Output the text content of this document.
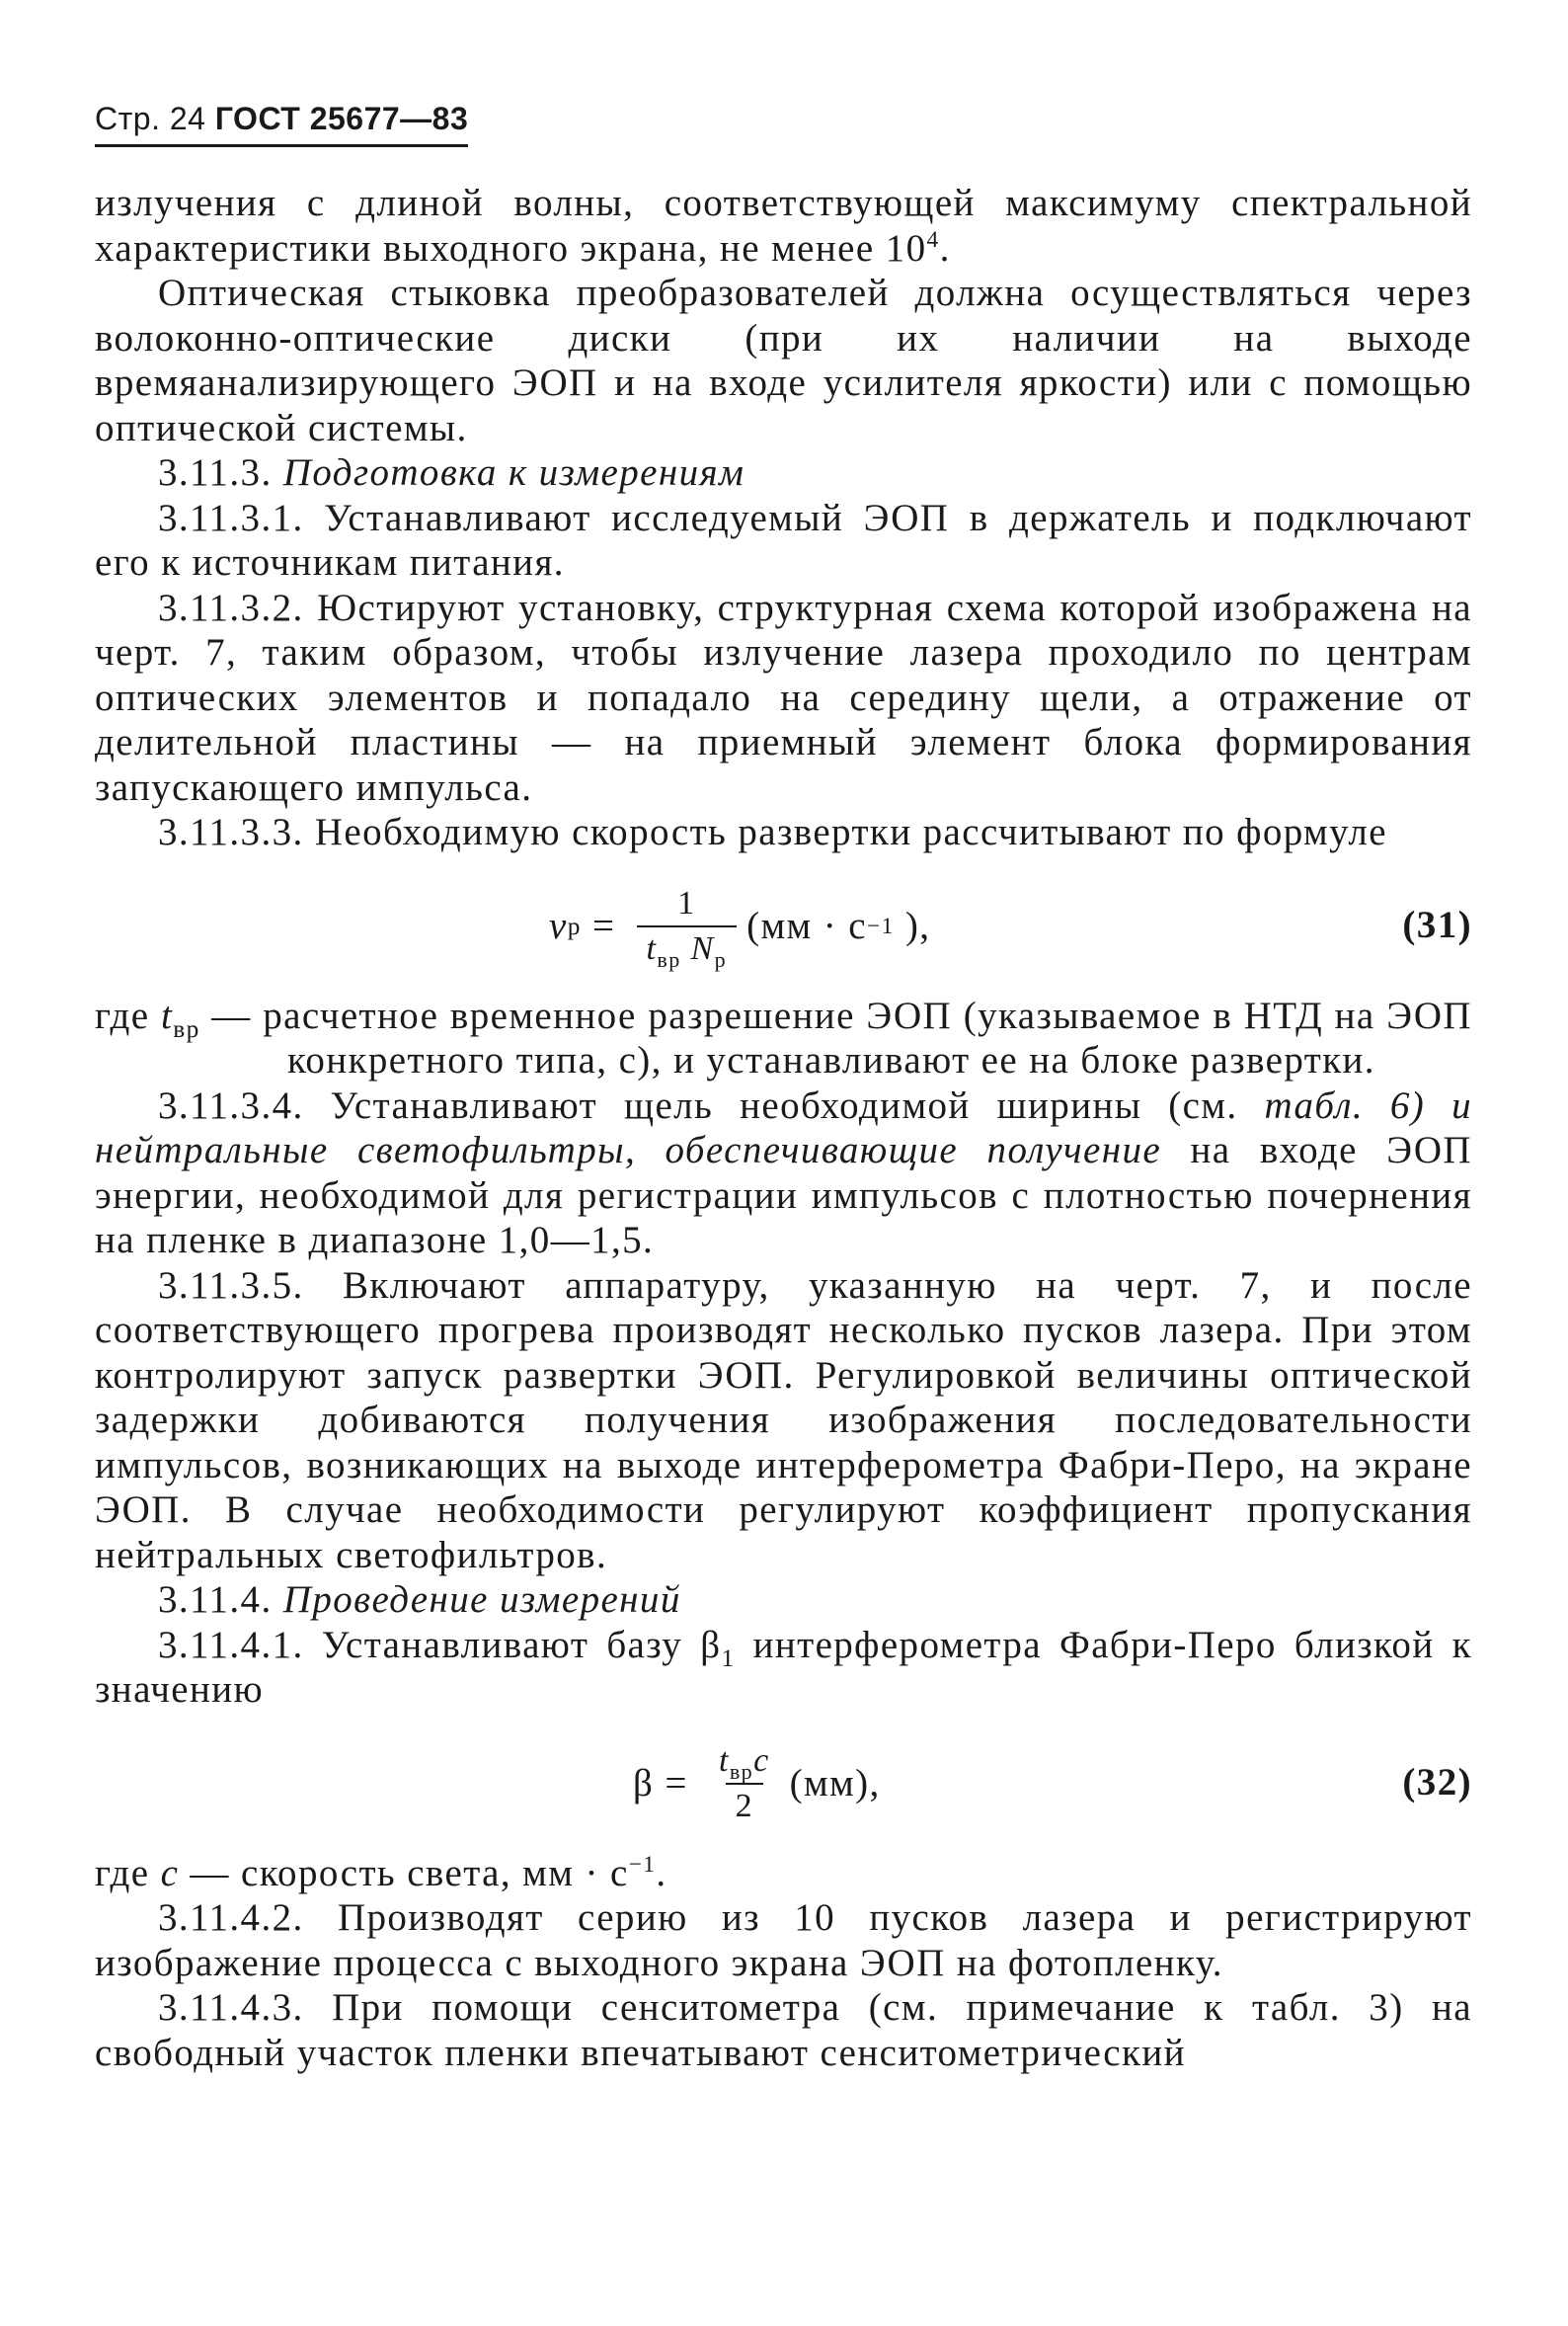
Стр. 24 ГОСТ 25677—83

излучения с длиной волны, соответствующей максимуму спектральной характеристики выходного экрана, не менее $10^4$.

Оптическая стыковка преобразователей должна осуществляться через волоконно-оптические диски (при их наличии на выходе времяанализирующего ЭОП и на входе усилителя яркости) или с помощью оптической системы.

3.11.3. Подготовка к измерениям

3.11.3.1. Устанавливают исследуемый ЭОП в держатель и подключают его к источникам питания.

3.11.3.2. Юстируют установку, структурная схема которой изображена на черт. 7, таким образом, чтобы излучение лазера проходило по центрам оптических элементов и попадало на середину щели, а отражение от делительной пластины — на приемный элемент блока формирования запускающего импульса.

3.11.3.3. Необходимую скорость развертки рассчитывают по формуле

v $р = \frac{1}{t_{вр} N_р} (мм \cdot с -1$ ),	(31)

где $t_{вр}$ — расчетное временное разрешение ЭОП (указываемое в НТД на ЭОП конкретного типа, с), и устанавливают ее на блоке развертки.

3.11.3.4. Устанавливают щель необходимой ширины (см. табл. 6) и нейтральные светофильтры, обеспечивающие получение на входе ЭОП энергии, необходимой для регистрации импульсов с плотностью почернения на пленке в диапазоне 1,0—1,5.

3.11.3.5. Включают аппаратуру, указанную на черт. 7, и после соответствующего прогрева производят несколько пусков лазера. При этом контролируют запуск развертки ЭОП. Регулировкой величины оптической задержки добиваются получения изображения последовательности импульсов, возникающих на выходе интерферометра Фабри-Перо, на экране ЭОП. В случае необходимости регулируют коэффициент пропускания нейтральных светофильтров.

3.11.4. Проведение измерений

3.11.4.1. Устанавливают базу $\beta_1$ интерферометра Фабри-Перо близкой к значению

$\beta = \frac{t_{вр}c}{2} (мм)$,	(32)

где c — скорость света, мм · $с^{-1}$.

3.11.4.2. Производят серию из 10 пусков лазера и регистрируют изображение процесса с выходного экрана ЭОП на фотопленку.

3.11.4.3. При помощи сенситометра (см. примечание к табл. 3) на свободный участок пленки впечатывают сенситометрический
